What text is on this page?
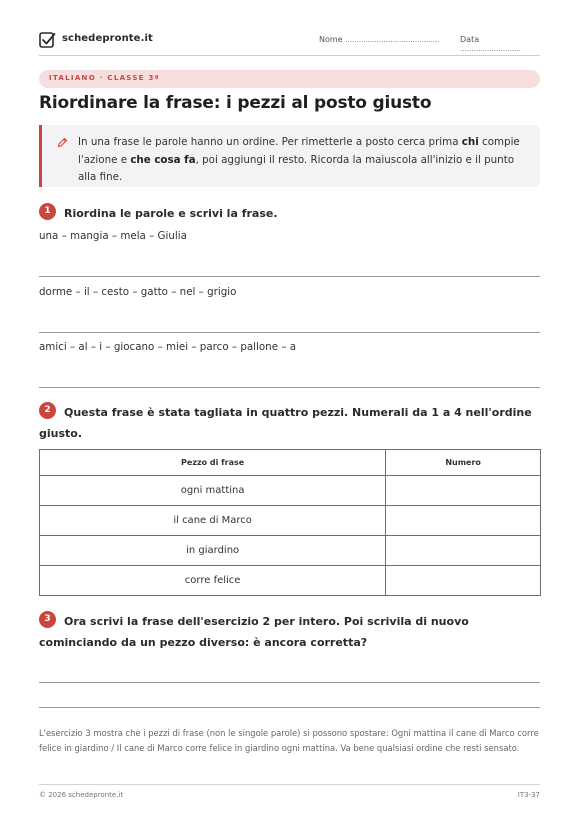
schedepronte.it	Nome ..........................................	Data ...........................
ITALIANO · CLASSE 3ª
Riordinare la frase: i pezzi al posto giusto
In una frase le parole hanno un ordine. Per rimetterle a posto cerca prima chi compie l'azione e che cosa fa, poi aggiungi il resto. Ricorda la maiuscola all'inizio e il punto alla fine.
1	Riordina le parole e scrivi la frase.
una – mangia – mela – Giulia
dorme – il – cesto – gatto – nel – grigio
amici – al – i – giocano – miei – parco – pallone – a
2	Questa frase è stata tagliata in quattro pezzi. Numerali da 1 a 4 nell'ordine giusto.
Pezzo di frase	Numero
ogni mattina	
il cane di Marco	
in giardino	
corre felice	
3	Ora scrivi la frase dell'esercizio 2 per intero. Poi scrivila di nuovo cominciando da un pezzo diverso: è ancora corretta?
L'esercizio 3 mostra che i pezzi di frase (non le singole parole) si possono spostare: Ogni mattina il cane di Marco corre felice in giardino / Il cane di Marco corre felice in giardino ogni mattina. Va bene qualsiasi ordine che resti sensato.
© 2026 schedepronte.it	IT3-37
